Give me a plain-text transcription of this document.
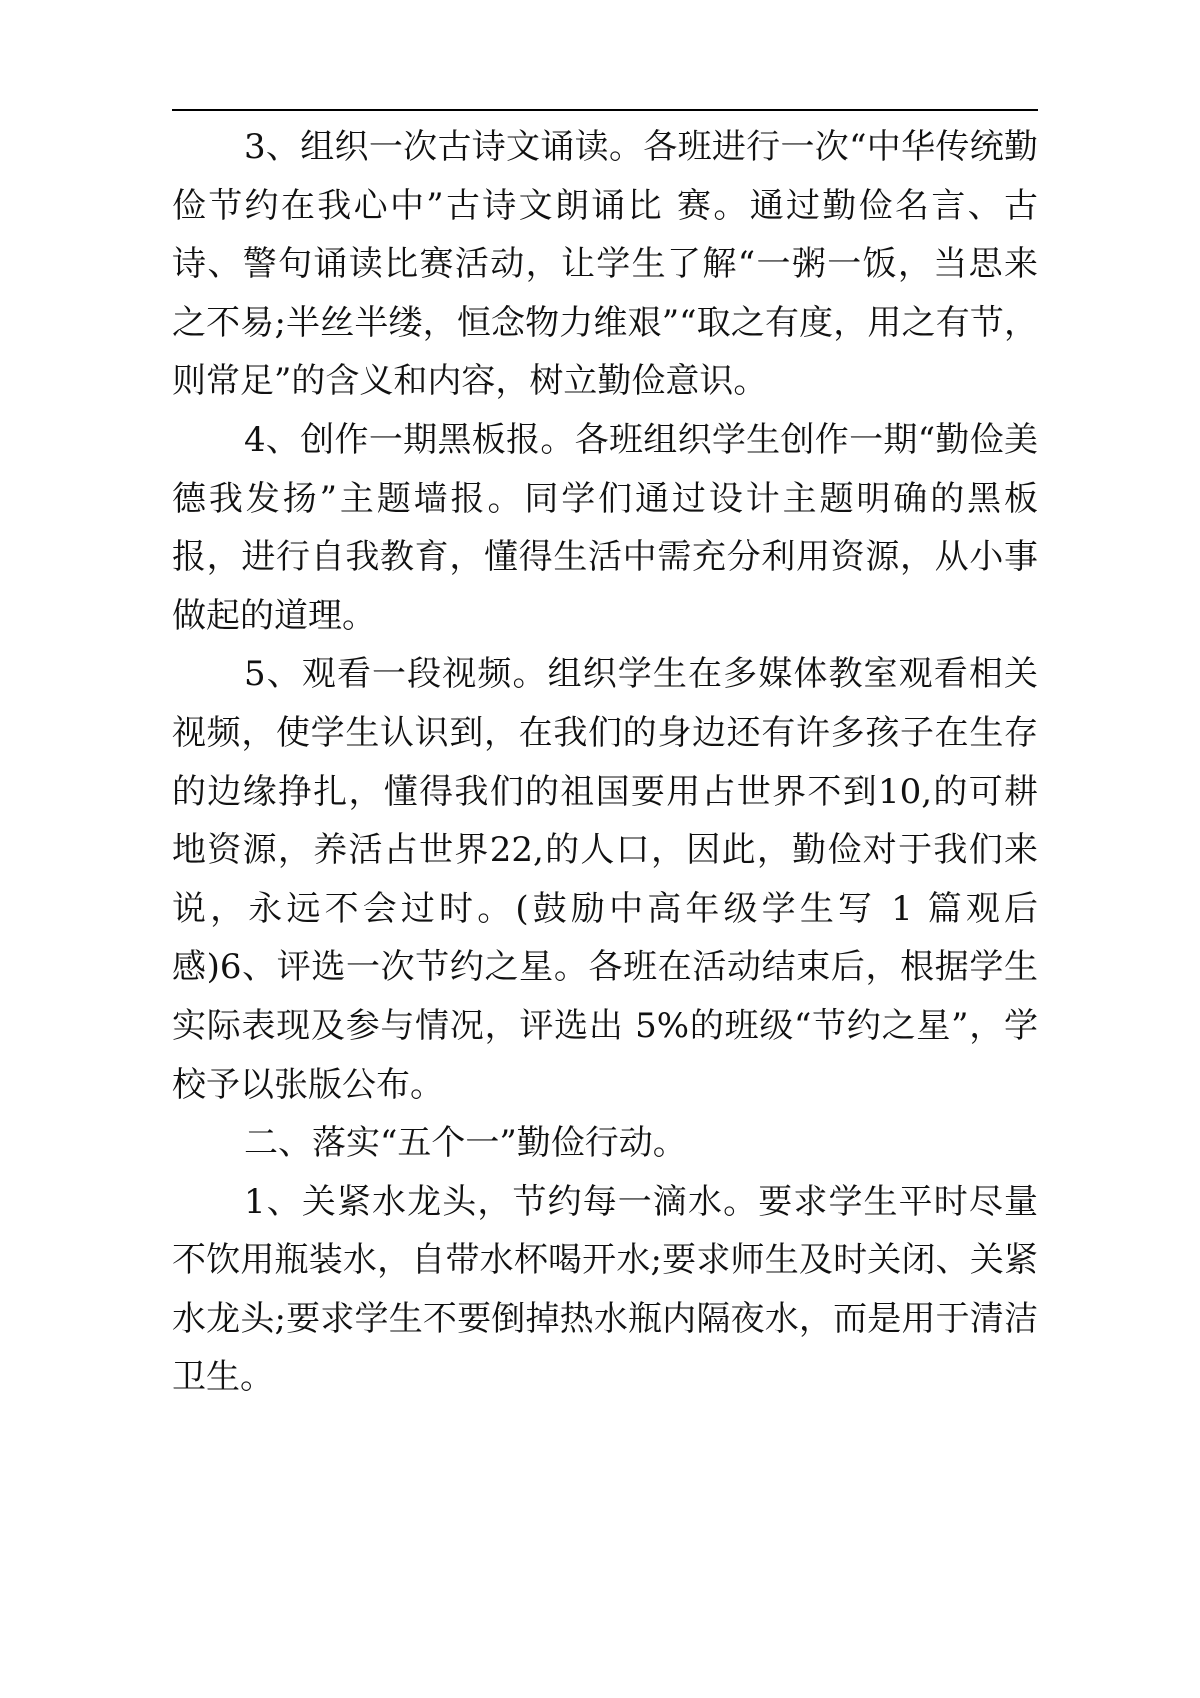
3、组织一次古诗文诵读。各班进行一次“中华传统勤俭节约在我心中”古诗文朗诵比 赛。通过勤俭名言、古诗、警句诵读比赛活动，让学生了解“一粥一饭，当思来之不易;半丝半缕，恒念物力维艰”“取之有度，用之有节，则常足”的含义和内容，树立勤俭意识。

4、创作一期黑板报。各班组织学生创作一期“勤俭美德我发扬”主题墙报。同学们通过设计主题明确的黑板报，进行自我教育，懂得生活中需充分利用资源，从小事做起的道理。

5、观看一段视频。组织学生在多媒体教室观看相关视频，使学生认识到，在我们的身边还有许多孩子在生存的边缘挣扎，懂得我们的祖国要用占世界不到10,的可耕地资源，养活占世界22,的人口，因此，勤俭对于我们来说，永远不会过时。(鼓励中高年级学生写 1 篇观后感)6、评选一次节约之星。各班在活动结束后，根据学生实际表现及参与情况，评选出 5%的班级“节约之星”，学校予以张版公布。

二、落实“五个一”勤俭行动。

1、关紧水龙头，节约每一滴水。要求学生平时尽量不饮用瓶装水，自带水杯喝开水;要求师生及时关闭、关紧水龙头;要求学生不要倒掉热水瓶内隔夜水，而是用于清洁卫生。
